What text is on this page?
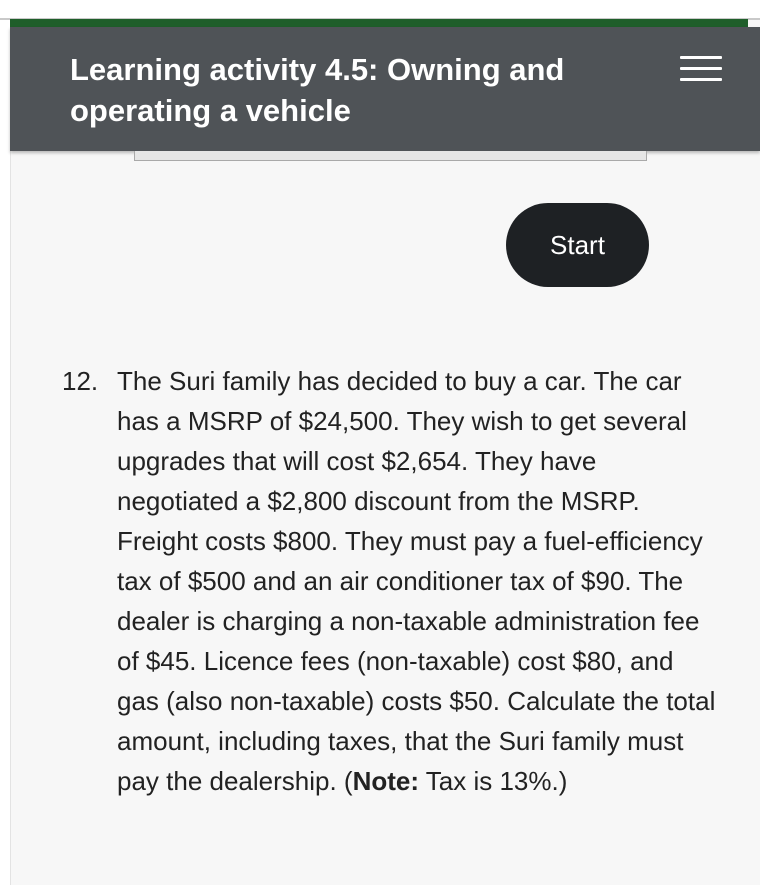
Learning activity 4.5: Owning and operating a vehicle
Start
12. The Suri family has decided to buy a car. The car has a MSRP of $24,500. They wish to get several upgrades that will cost $2,654. They have negotiated a $2,800 discount from the MSRP. Freight costs $800. They must pay a fuel-efficiency tax of $500 and an air conditioner tax of $90. The dealer is charging a non-taxable administration fee of $45. Licence fees (non-taxable) cost $80, and gas (also non-taxable) costs $50. Calculate the total amount, including taxes, that the Suri family must pay the dealership. (Note: Tax is 13%.)
